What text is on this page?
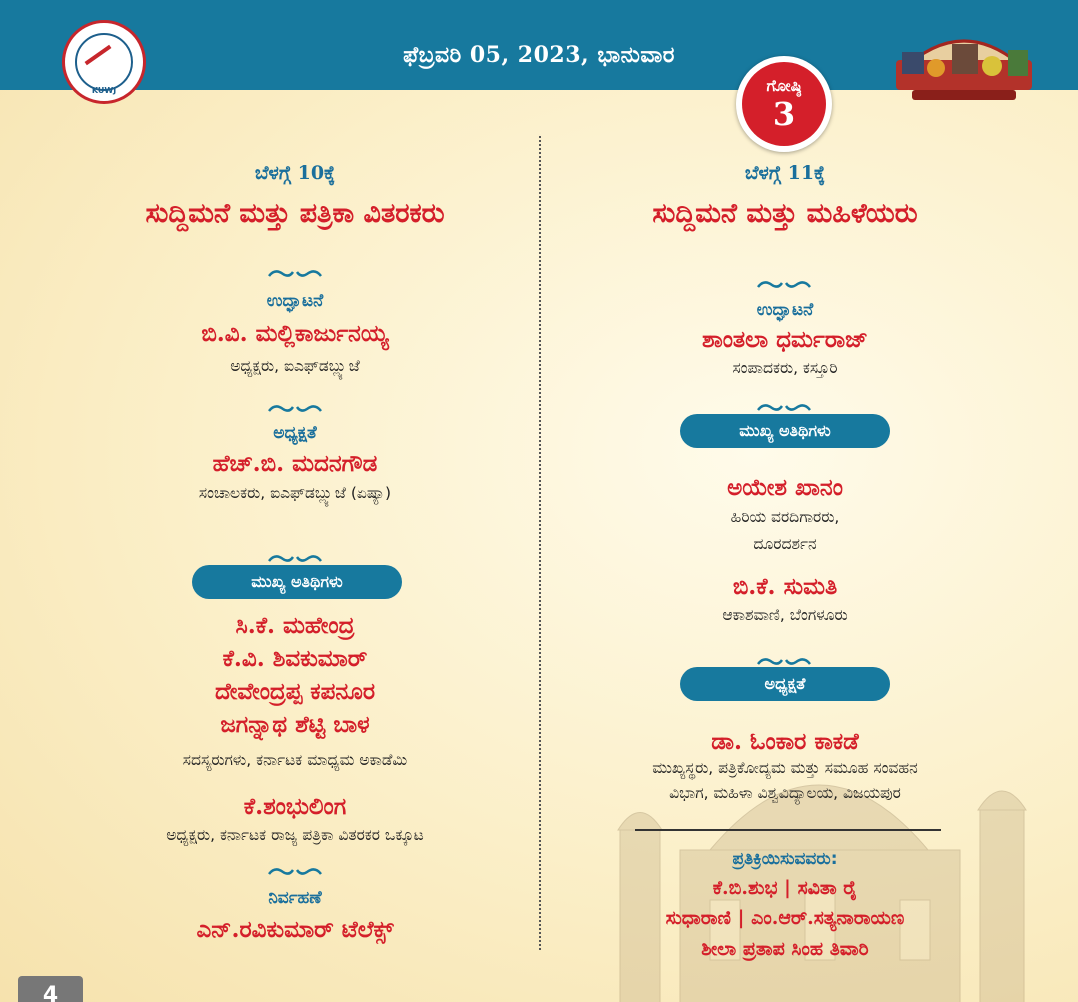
ಫೆಬ್ರವರಿ 05, 2023, ಭಾನುವಾರ
KUWJ	ಗೋಷ್ಠಿ
3
ಬೆಳಗ್ಗೆ 10ಕ್ಕೆ
ಸುದ್ದಿಮನೆ ಮತ್ತು ಪತ್ರಿಕಾ ವಿತರಕರು
ಉದ್ಘಾಟನೆ
ಬಿ.ವಿ. ಮಲ್ಲಿಕಾರ್ಜುನಯ್ಯ
ಅಧ್ಯಕ್ಷರು, ಐಎಫ್‌ಡಬ್ಲ್ಯುಜೆ
ಅಧ್ಯಕ್ಷತೆ
ಹೆಚ್.ಬಿ. ಮದನಗೌಡ
ಸಂಚಾಲಕರು, ಐಎಫ್‌ಡಬ್ಲ್ಯುಜೆ (ಏಷ್ಯಾ)
ಮುಖ್ಯ ಅತಿಥಿಗಳು
ಸಿ.ಕೆ. ಮಹೇಂದ್ರ
ಕೆ.ವಿ. ಶಿವಕುಮಾರ್
ದೇವೇಂದ್ರಪ್ಪ ಕಪನೂರ
ಜಗನ್ನಾಥ ಶೆಟ್ಟಿ ಬಾಳ
ಸದಸ್ಯರುಗಳು, ಕರ್ನಾಟಕ ಮಾಧ್ಯಮ ಅಕಾಡೆಮಿ
ಕೆ.ಶಂಭುಲಿಂಗ
ಅಧ್ಯಕ್ಷರು, ಕರ್ನಾಟಕ ರಾಜ್ಯ ಪತ್ರಿಕಾ ವಿತರಕರ ಒಕ್ಕೂಟ
ನಿರ್ವಹಣೆ
ಎನ್.ರವಿಕುಮಾರ್ ಟೆಲೆಕ್ಸ್
ಬೆಳಗ್ಗೆ 11ಕ್ಕೆ
ಸುದ್ದಿಮನೆ ಮತ್ತು ಮಹಿಳೆಯರು
ಉದ್ಘಾಟನೆ
ಶಾಂತಲಾ ಧರ್ಮರಾಜ್
ಸಂಪಾದಕರು, ಕಸ್ತೂರಿ
ಮುಖ್ಯ ಅತಿಥಿಗಳು
ಅಯೇಶ ಖಾನಂ
ಹಿರಿಯ ವರದಿಗಾರರು,
ದೂರದರ್ಶನ
ಬಿ.ಕೆ. ಸುಮತಿ
ಆಕಾಶವಾಣಿ, ಬೆಂಗಳೂರು
ಅಧ್ಯಕ್ಷತೆ
ಡಾ. ಓಂಕಾರ ಕಾಕಡೆ
ಮುಖ್ಯಸ್ಥರು, ಪತ್ರಿಕೋದ್ಯಮ ಮತ್ತು ಸಮೂಹ ಸಂವಹನ
ವಿಭಾಗ, ಮಹಿಳಾ ವಿಶ್ವವಿದ್ಯಾಲಯ, ವಿಜಯಪುರ
ಪ್ರತಿಕ್ರಿಯಿಸುವವರು:
ಕೆ.ಬಿ.ಶುಭ | ಸವಿತಾ ರೈ
ಸುಧಾರಾಣಿ | ಎಂ.ಆರ್.ಸತ್ಯನಾರಾಯಣ
ಶೀಲಾ ಪ್ರತಾಪ ಸಿಂಹ ತಿವಾರಿ
4
